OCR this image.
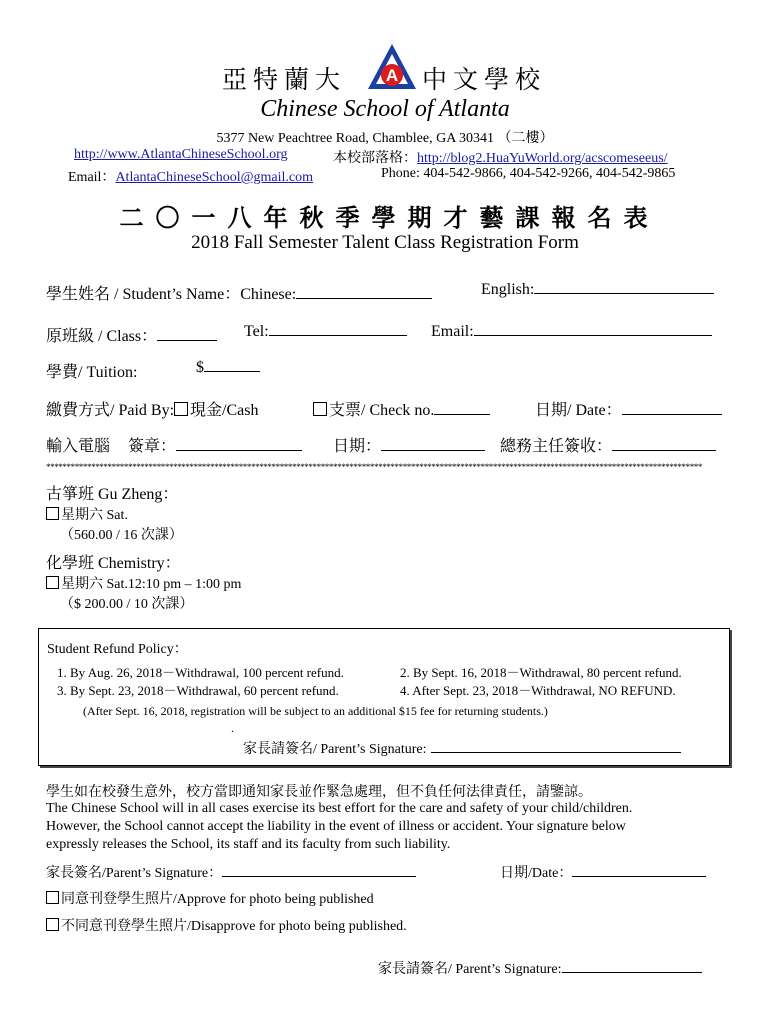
亞特蘭大 A 中文學校
Chinese School of Atlanta
5377 New Peachtree Road, Chamblee, GA 30341 （二樓）
http://www.AtlantaChineseSchool.org	本校部落格：http://blog2.HuaYuWorld.org/acscomeseeus/
Email：AtlantaChineseSchool@gmail.com	Phone: 404-542-9866, 404-542-9266, 404-542-9865
二 〇 一 八 年 秋 季 學 期 才 藝 課 報 名 表
2018 Fall Semester Talent Class Registration Form
學生姓名 / Student’s Name：Chinese:	English:
原班級 / Class：	Tel:	Email:
學費/ Tuition:	$
繳費方式/ Paid By: 現金/Cash	支票/ Check no.	日期/ Date：
輸入電腦 簽章：	日期：	總務主任簽收：
****************************************************************************************************************************************************************
古箏班 Gu Zheng：
星期六 Sat.
（560.00 / 16 次課）
化學班 Chemistry：
星期六 Sat.12:10 pm – 1:00 pm
（$ 200.00 / 10 次課）
Student Refund Policy：
1. By Aug. 26, 2018－Withdrawal, 100 percent refund.	2. By Sept. 16, 2018－Withdrawal, 80 percent refund.
3. By Sept. 23, 2018－Withdrawal, 60 percent refund.	4. After Sept. 23, 2018－Withdrawal, NO REFUND.
(After Sept. 16, 2018, registration will be subject to an additional $15 fee for returning students.)
.
家長請簽名/ Parent’s Signature:
學生如在校發生意外，校方當即通知家長並作緊急處理，但不負任何法律責任，請鑒諒。
The Chinese School will in all cases exercise its best effort for the care and safety of your child/children.
However, the School cannot accept the liability in the event of illness or accident. Your signature below
expressly releases the School, its staff and its faculty from such liability.
家長簽名/Parent’s Signature：	日期/Date：
同意刊登學生照片/Approve for photo being published
不同意刊登學生照片/Disapprove for photo being published.
家長請簽名/ Parent’s Signature:
